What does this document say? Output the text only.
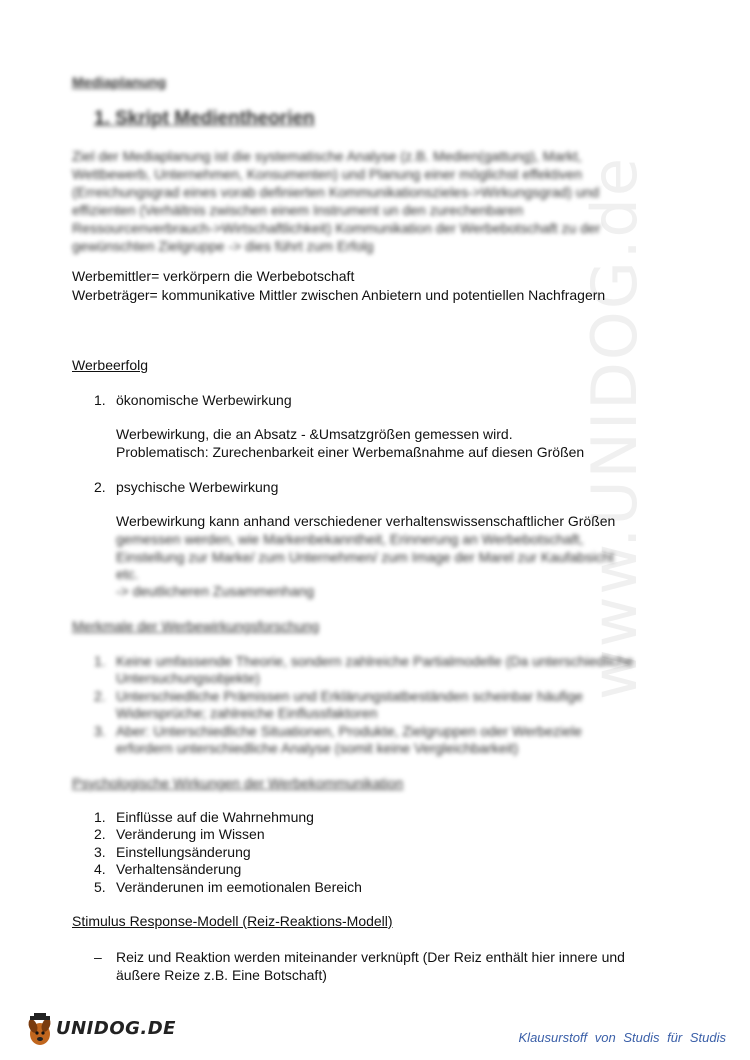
www.UNIDOG.de
Mediaplanung
1. Skript Medientheorien
Ziel der Mediaplanung ist die systematische Analyse (z.B. Medien(gattung), Markt,
Wettbewerb, Unternehmen, Konsumenten) und Planung einer möglichst effektiven
(Erreichungsgrad eines vorab definierten Kommunikationszieles->Wirkungsgrad) und
effizienten (Verhältnis zwischen einem Instrument un den zurechenbaren
Ressourcenverbrauch->Wirtschaftlichkeit) Kommunikation der Werbebotschaft zu der
gewünschten Zielgruppe -> dies führt zum Erfolg
Werbemittler= verkörpern die Werbebotschaft
Werbeträger= kommunikative Mittler zwischen Anbietern und potentiellen Nachfragern
Werbeerfolg
1. ökonomische Werbewirkung
Werbewirkung, die an Absatz - &Umsatzgrößen gemessen wird.
Problematisch: Zurechenbarkeit einer Werbemaßnahme auf diesen Größen
2. psychische Werbewirkung
Werbewirkung kann anhand verschiedener verhaltenswissenschaftlicher Größen
gemessen werden, wie Markenbekanntheit, Erinnerung an Werbebotschaft,
Einstellung zur Marke/ zum Unternehmen/ zum Image der Marel zur Kaufabsicht
etc.
-> deutlicheren Zusammenhang
Merkmale der Werbewirkungsforschung
1. Keine umfassende Theorie, sondern zahlreiche Partialmodelle (Da unterschiedliche
Untersuchungsobjekte)
2. Unterschiedliche Prämissen und Erklärungstatbeständen scheinbar häufige
Widersprüche; zahlreiche Einflussfaktoren
3. Aber: Unterschiedliche Situationen, Produkte, Zielgruppen oder Werbeziele
erfordern unterschiedliche Analyse (somit keine Vergleichbarkeit)
Psychologische Wirkungen der Werbekommunikation
1. Einflüsse auf die Wahrnehmung
2. Veränderung im Wissen
3. Einstellungsänderung
4. Verhaltensänderung
5. Veränderunen im eemotionalen Bereich
Stimulus Response-Modell (Reiz-Reaktions-Modell)
– Reiz und Reaktion werden miteinander verknüpft (Der Reiz enthält hier innere und
äußere Reize z.B. Eine Botschaft)
UNIDOG.DE	Klausurstoff von Studis für Studis
